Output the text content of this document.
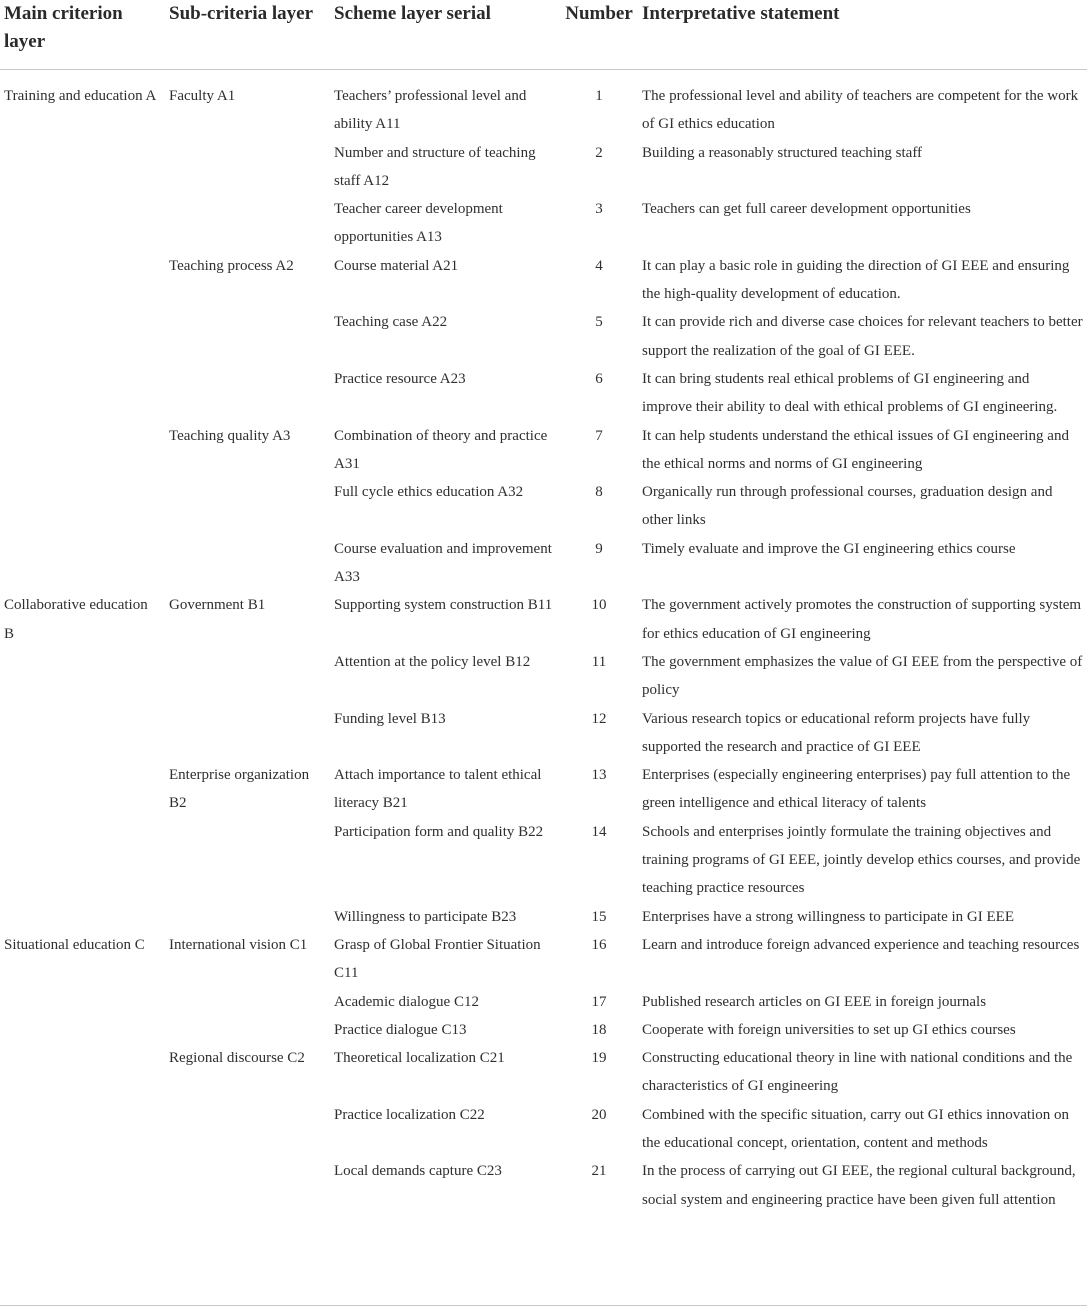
Main criterion layer	Sub-criteria layer	Scheme layer serial	Number	Interpretative statement
Training and education A	Faculty A1	Teachers’ professional level and ability A11	1	The professional level and ability of teachers are competent for the work of GI ethics education
		Number and structure of teaching staff A12	2	Building a reasonably structured teaching staff
		Teacher career development opportunities A13	3	Teachers can get full career development opportunities
	Teaching process A2	Course material A21	4	It can play a basic role in guiding the direction of GI EEE and ensuring the high-quality development of education.
		Teaching case A22	5	It can provide rich and diverse case choices for relevant teachers to better support the realization of the goal of GI EEE.
		Practice resource A23	6	It can bring students real ethical problems of GI engineering and improve their ability to deal with ethical problems of GI engineering.
	Teaching quality A3	Combination of theory and practice A31	7	It can help students understand the ethical issues of GI engineering and the ethical norms and norms of GI engineering
		Full cycle ethics education A32	8	Organically run through professional courses, graduation design and other links
		Course evaluation and improvement A33	9	Timely evaluate and improve the GI engineering ethics course
Collaborative education B	Government B1	Supporting system construction B11	10	The government actively promotes the construction of supporting system for ethics education of GI engineering
		Attention at the policy level B12	11	The government emphasizes the value of GI EEE from the perspective of policy
		Funding level B13	12	Various research topics or educational reform projects have fully supported the research and practice of GI EEE
	Enterprise organization B2	Attach importance to talent ethical literacy B21	13	Enterprises (especially engineering enterprises) pay full attention to the green intelligence and ethical literacy of talents
		Participation form and quality B22	14	Schools and enterprises jointly formulate the training objectives and training programs of GI EEE, jointly develop ethics courses, and provide teaching practice resources
		Willingness to participate B23	15	Enterprises have a strong willingness to participate in GI EEE
Situational education C	International vision C1	Grasp of Global Frontier Situation C11	16	Learn and introduce foreign advanced experience and teaching resources
		Academic dialogue C12	17	Published research articles on GI EEE in foreign journals
		Practice dialogue C13	18	Cooperate with foreign universities to set up GI ethics courses
	Regional discourse C2	Theoretical localization C21	19	Constructing educational theory in line with national conditions and the characteristics of GI engineering
		Practice localization C22	20	Combined with the specific situation, carry out GI ethics innovation on the educational concept, orientation, content and methods
		Local demands capture C23	21	In the process of carrying out GI EEE, the regional cultural background, social system and engineering practice have been given full attention
